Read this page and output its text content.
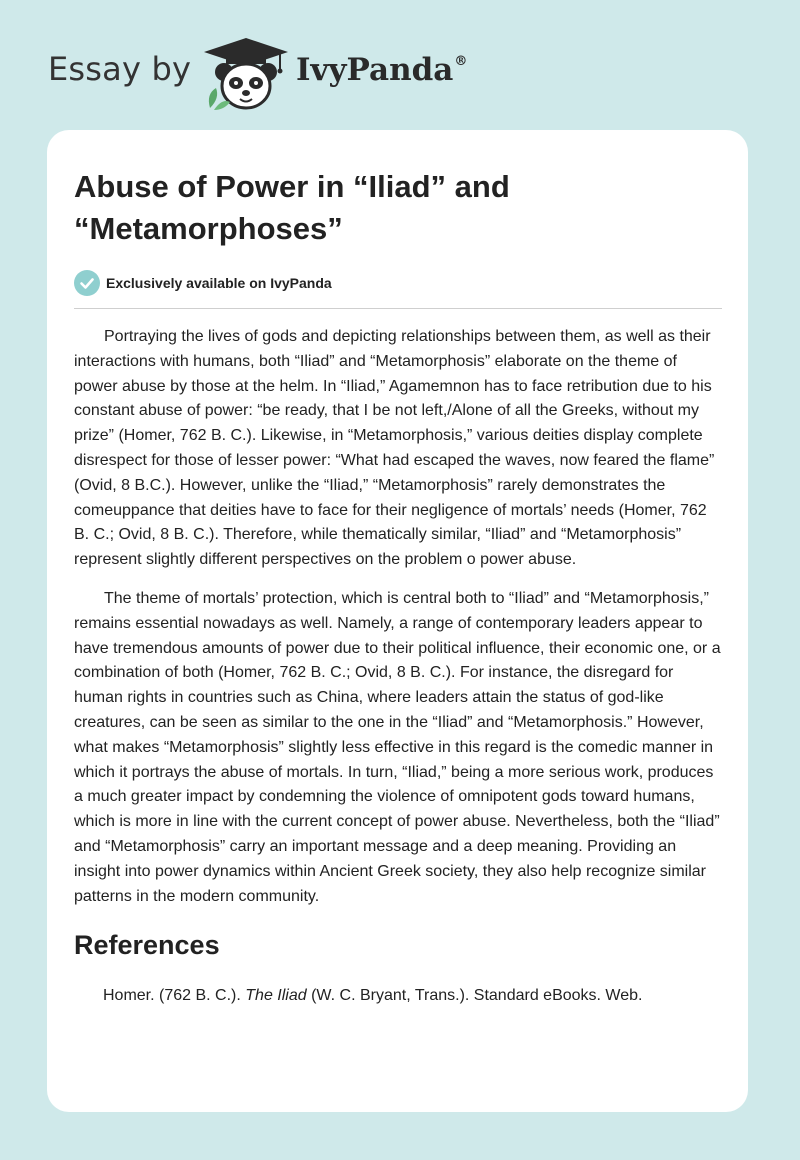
Essay by	IvyPanda®
Abuse of Power in “Iliad” and
“Metamorphoses”
Exclusively available on IvyPanda

Portraying the lives of gods and depicting relationships between them, as well as their interactions with humans, both “Iliad” and “Metamorphosis” elaborate on the theme of power abuse by those at the helm. In “Iliad,” Agamemnon has to face retribution due to his constant abuse of power: “be ready, that I be not left,/Alone of all the Greeks, without my prize” (Homer, 762 B. C.). Likewise, in “Metamorphosis,” various deities display complete disrespect for those of lesser power: “What had escaped the waves, now feared the flame” (Ovid, 8 B.C.). However, unlike the “Iliad,” “Metamorphosis” rarely demonstrates the comeuppance that deities have to face for their negligence of mortals’ needs (Homer, 762 B. C.; Ovid, 8 B. C.). Therefore, while thematically similar, “Iliad” and “Metamorphosis” represent slightly different perspectives on the problem o power abuse.

The theme of mortals’ protection, which is central both to “Iliad” and “Metamorphosis,” remains essential nowadays as well. Namely, a range of contemporary leaders appear to have tremendous amounts of power due to their political influence, their economic one, or a combination of both (Homer, 762 B. C.; Ovid, 8 B. C.). For instance, the disregard for human rights in countries such as China, where leaders attain the status of god-like creatures, can be seen as similar to the one in the “Iliad” and “Metamorphosis.” However, what makes “Metamorphosis” slightly less effective in this regard is the comedic manner in which it portrays the abuse of mortals. In turn, “Iliad,” being a more serious work, produces a much greater impact by condemning the violence of omnipotent gods toward humans, which is more in line with the current concept of power abuse. Nevertheless, both the “Iliad” and “Metamorphosis” carry an important message and a deep meaning. Providing an insight into power dynamics within Ancient Greek society, they also help recognize similar patterns in the modern community.

References
Homer. (762 B. C.). The Iliad (W. C. Bryant, Trans.). Standard eBooks. Web.
